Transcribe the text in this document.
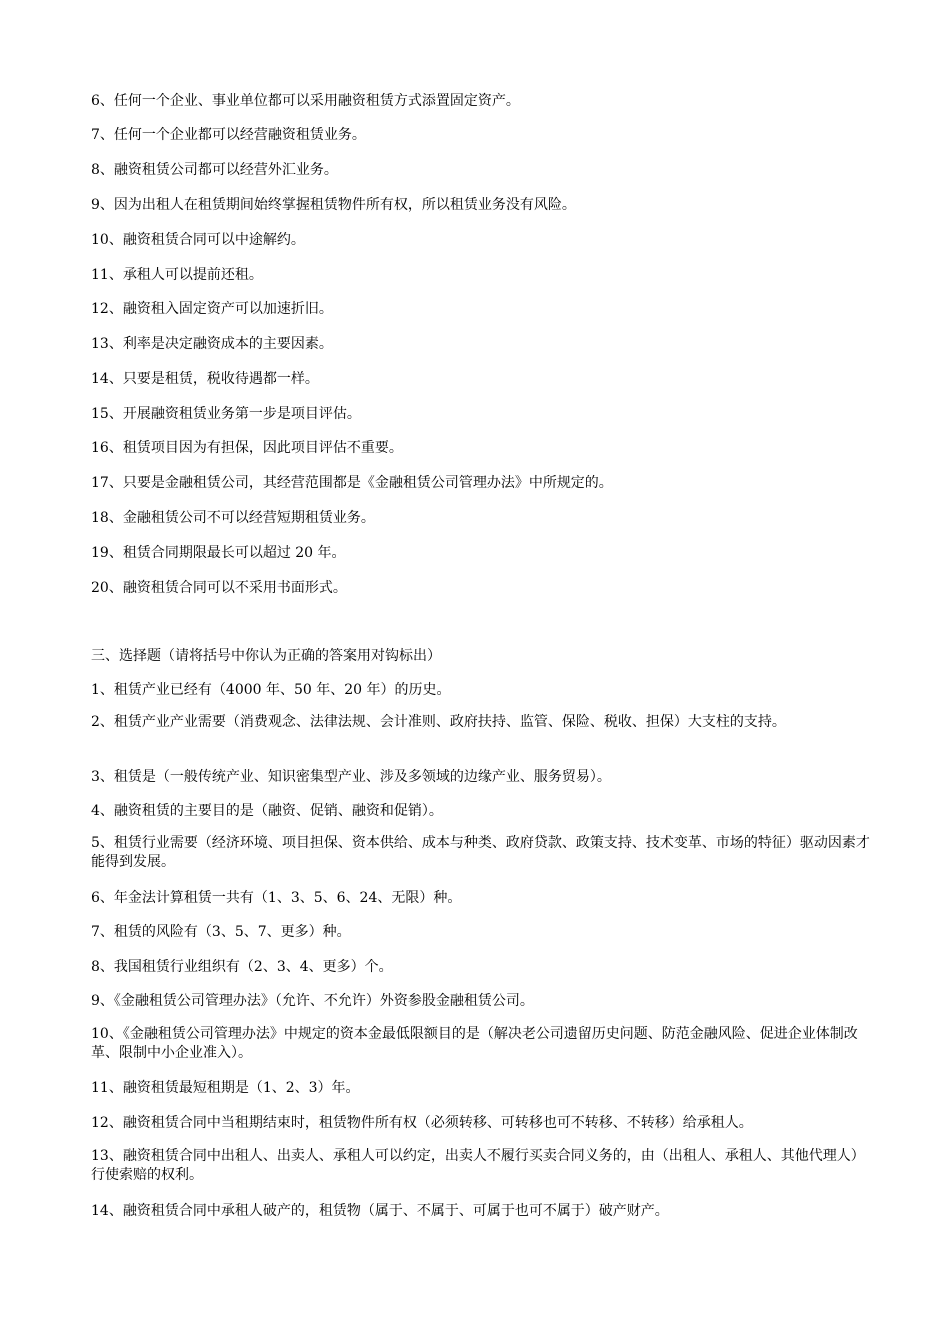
6、任何一个企业、事业单位都可以采用融资租赁方式添置固定资产。
7、任何一个企业都可以经营融资租赁业务。
8、融资租赁公司都可以经营外汇业务。
9、因为出租人在租赁期间始终掌握租赁物件所有权，所以租赁业务没有风险。
10、融资租赁合同可以中途解约。
11、承租人可以提前还租。
12、融资租入固定资产可以加速折旧。
13、利率是决定融资成本的主要因素。
14、只要是租赁，税收待遇都一样。
15、开展融资租赁业务第一步是项目评估。
16、租赁项目因为有担保，因此项目评估不重要。
17、只要是金融租赁公司，其经营范围都是《金融租赁公司管理办法》中所规定的。
18、金融租赁公司不可以经营短期租赁业务。
19、租赁合同期限最长可以超过 20 年。
20、融资租赁合同可以不采用书面形式。
三、选择题（请将括号中你认为正确的答案用对钩标出）
1、租赁产业已经有（4000 年、50 年、20 年）的历史。
2、租赁产业产业需要（消费观念、法律法规、会计准则、政府扶持、监管、保险、税收、担保）大支柱的支持。
3、租赁是（一般传统产业、知识密集型产业、涉及多领域的边缘产业、服务贸易）。
4、融资租赁的主要目的是（融资、促销、融资和促销）。
5、租赁行业需要（经济环境、项目担保、资本供给、成本与种类、政府贷款、政策支持、技术变革、市场的特征）驱动因素才能得到发展。
6、年金法计算租赁一共有（1、3、5、6、24、无限）种。
7、租赁的风险有（3、5、7、更多）种。
8、我国租赁行业组织有（2、3、4、更多）个。
9、《金融租赁公司管理办法》（允许、不允许）外资参股金融租赁公司。
10、《金融租赁公司管理办法》中规定的资本金最低限额目的是（解决老公司遗留历史问题、防范金融风险、促进企业体制改革、限制中小企业准入）。
11、融资租赁最短租期是（1、2、3）年。
12、融资租赁合同中当租期结束时，租赁物件所有权（必须转移、可转移也可不转移、不转移）给承租人。
13、融资租赁合同中出租人、出卖人、承租人可以约定，出卖人不履行买卖合同义务的，由（出租人、承租人、其他代理人）行使索赔的权利。
14、融资租赁合同中承租人破产的，租赁物（属于、不属于、可属于也可不属于）破产财产。
